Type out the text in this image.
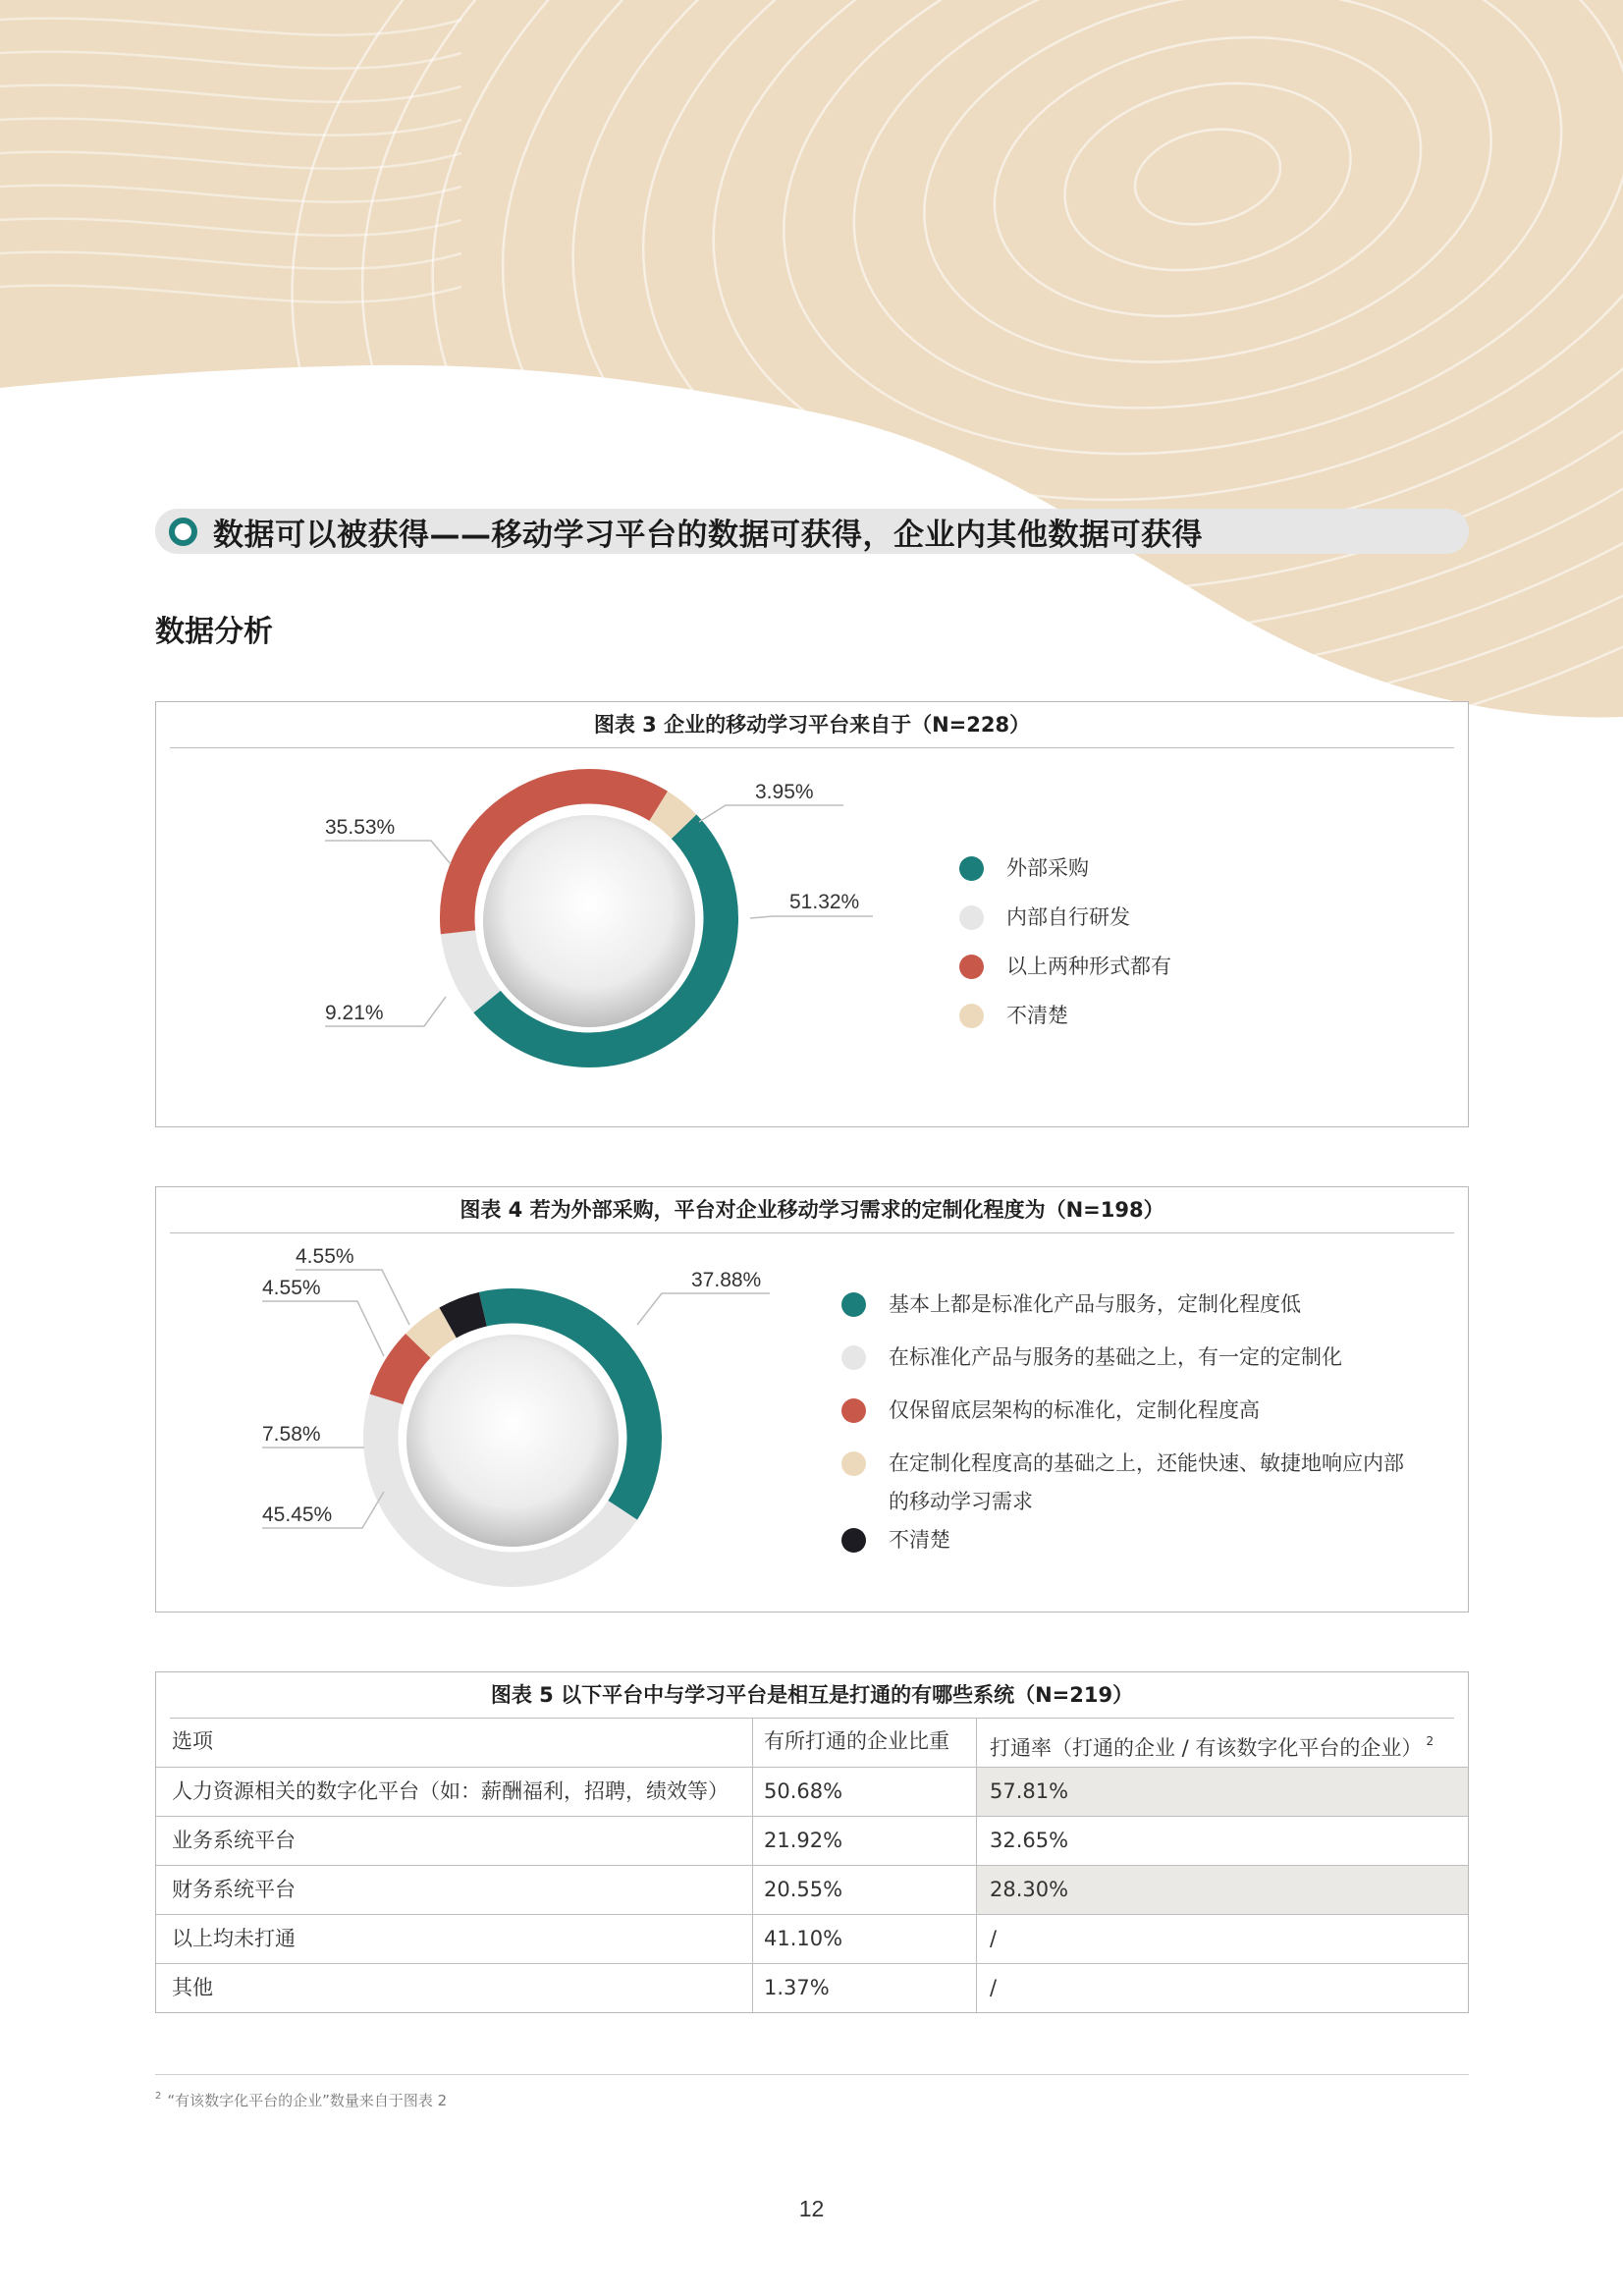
数据可以被获得——移动学习平台的数据可获得，企业内其他数据可获得
数据分析
51.32%
9.21%
35.53%
3.95%
图表 3 企业的移动学习平台来自于（N=228）
外部采购
内部自行研发
以上两种形式都有
不清楚
37.88%
45.45%
7.58%
4.55%
4.55%
图表 4 若为外部采购，平台对企业移动学习需求的定制化程度为（N=198）
基本上都是标准化产品与服务，定制化程度低
在标准化产品与服务的基础之上，有一定的定制化
仅保留底层架构的标准化，定制化程度高
在定制化程度高的基础之上，还能快速、敏捷地响应内部的移动学习需求
不清楚
图表 5 以下平台中与学习平台是相互是打通的有哪些系统（N=219）
选项	有所打通的企业比重	打通率（打通的企业 / 有该数字化平台的企业） $^2$
人力资源相关的数字化平台（如：薪酬福利，招聘，绩效等）	50.68%	57.81%
业务系统平台	21.92%	32.65%
财务系统平台	20.55%	28.30%
以上均未打通	41.10%	/
其他	1.37%	/
$^2$ “有该数字化平台的企业”数量来自于图表 2
12
